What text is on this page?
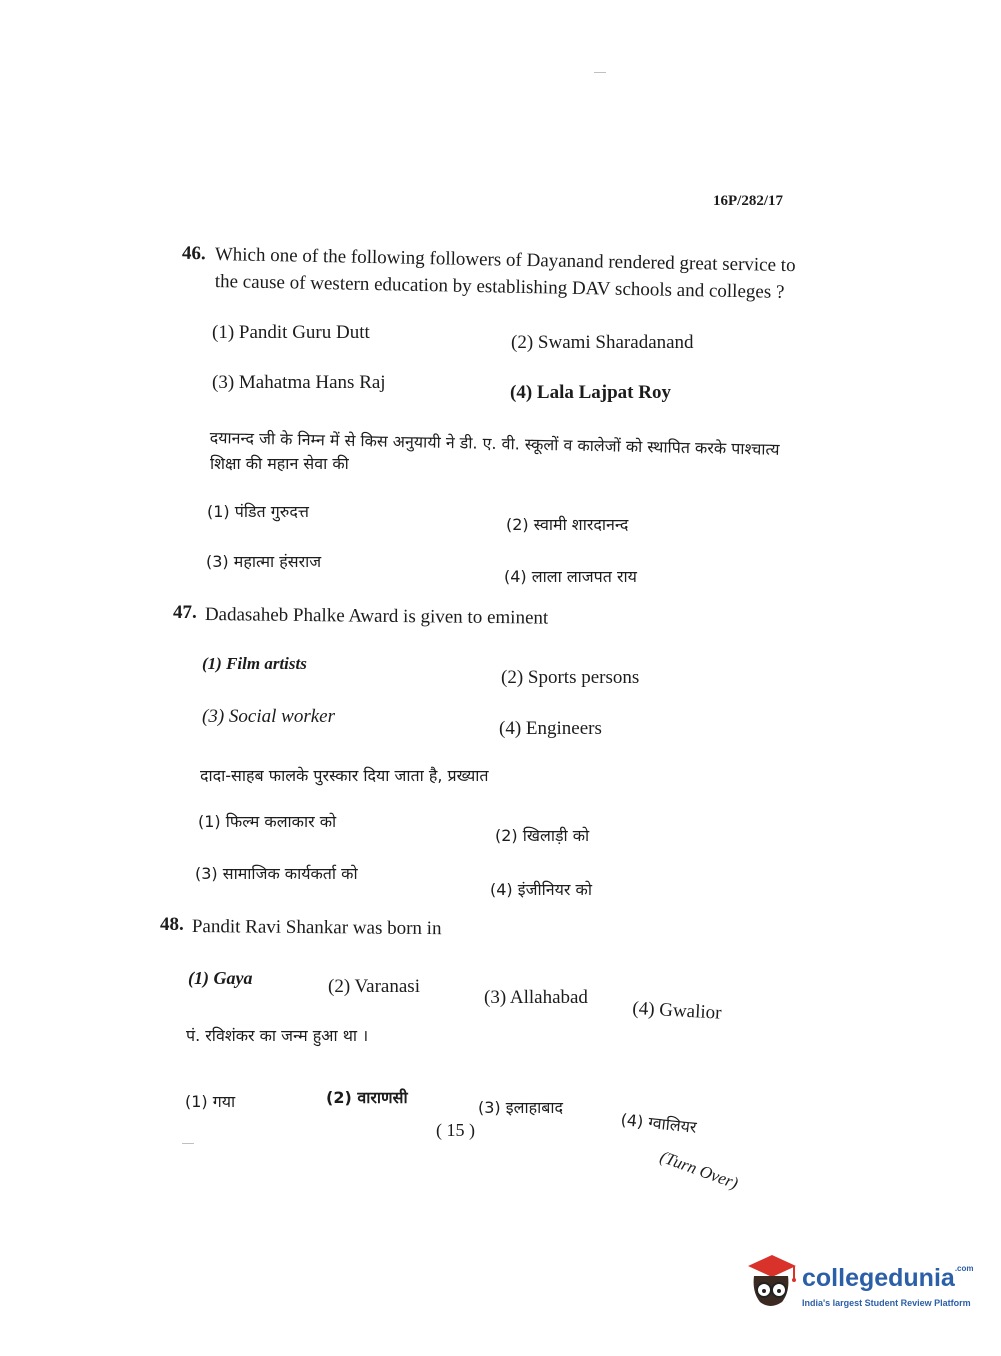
16P/282/17
46. Which one of the following followers of Dayanand rendered great service to
the cause of western education by establishing DAV schools and colleges ?
(1) Pandit Guru Dutt	(2) Swami Sharadanand
(3) Mahatma Hans Raj	(4) Lala Lajpat Roy
दयानन्द जी के निम्न में से किस अनुयायी ने डी. ए. वी. स्कूलों व कालेजों को स्थापित करके पाश्चात्य
शिक्षा की महान सेवा की
(1) पंडित गुरुदत्त
(2) स्वामी शारदानन्द
(3) महात्मा हंसराज
(4) लाला लाजपत राय
47. Dadasaheb Phalke Award is given to eminent
(1) Film artists
(2) Sports persons
(3) Social worker
(4) Engineers
दादा-साहब फालके पुरस्कार दिया जाता है, प्रख्यात
(1) फिल्म कलाकार को
(2) खिलाड़ी को
(3) सामाजिक कार्यकर्ता को
(4) इंजीनियर को
48. Pandit Ravi Shankar was born in
(1) Gaya	(2) Varanasi
(3) Allahabad
(4) Gwalior
पं. रविशंकर का जन्म हुआ था ।
(1) गया	(2) वाराणसी
(3) इलाहाबाद
(4) ग्वालियर
( 15 )
(Turn Over)
collegedunia$^{.com}$
India's largest Student Review Platform
